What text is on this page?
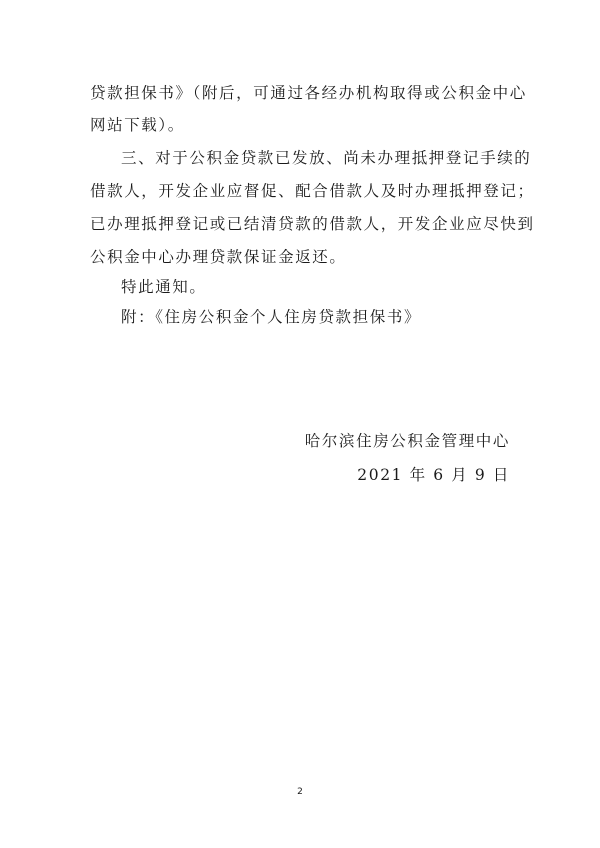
贷款担保书》（附后，可通过各经办机构取得或公积金中心
网站下载）。
三、对于公积金贷款已发放、尚未办理抵押登记手续的
借款人，开发企业应督促、配合借款人及时办理抵押登记；
已办理抵押登记或已结清贷款的借款人，开发企业应尽快到
公积金中心办理贷款保证金返还。
特此通知。
附：《住房公积金个人住房贷款担保书》
哈尔滨住房公积金管理中心
2021 年 6 月 9 日
2
